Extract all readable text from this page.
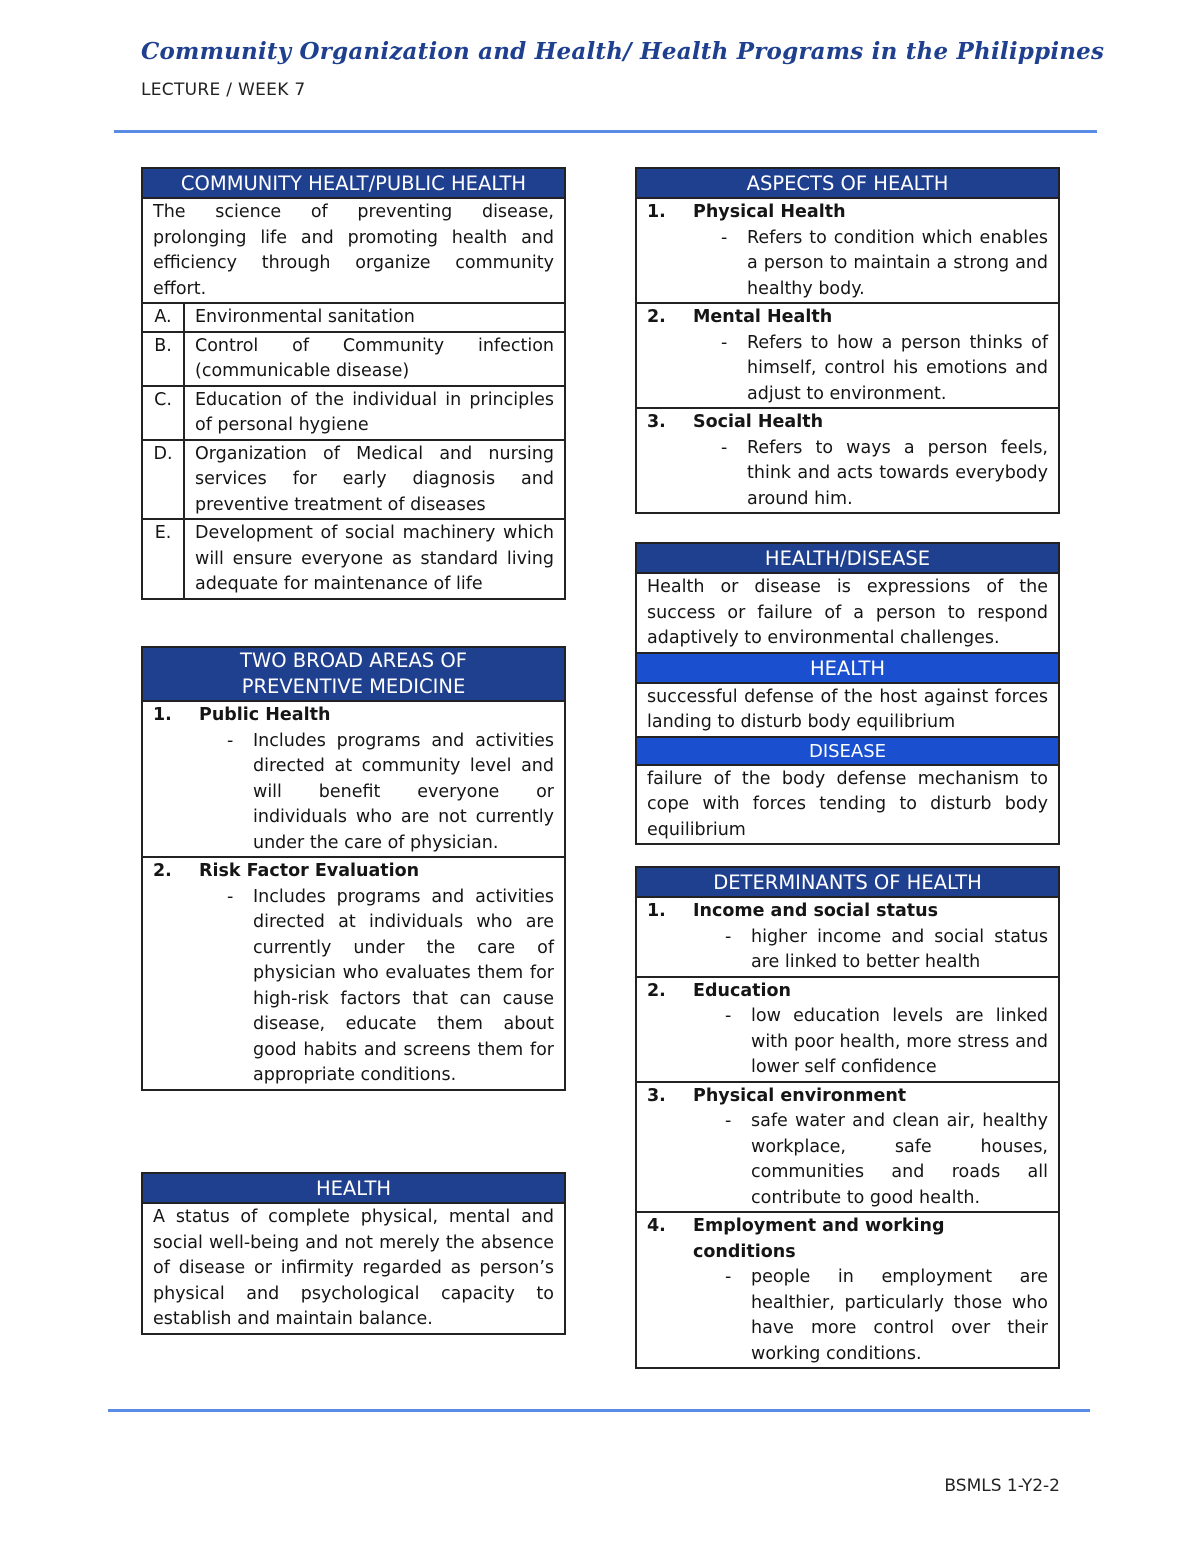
Community Organization and Health/ Health Programs in the Philippines
LECTURE / WEEK 7
COMMUNITY HEALT/PUBLIC HEALTH	
The science of preventing disease, prolonging life and promoting health and efficiency through organize community effort.	
A.	Environmental sanitation
B.	Control of Community infection (communicable disease)
C.	Education of the individual in principles of personal hygiene
D.	Organization of Medical and nursing services for early diagnosis and preventive treatment of diseases
E.	Development of social machinery which will ensure everyone as standard living adequate for maintenance of life
TWO BROAD AREAS OF PREVENTIVE MEDICINE

1.	Public Health
-	Includes programs and activities directed at community level and will benefit everyone or individuals who are not currently under the care of physician.

2.	Risk Factor Evaluation
-	Includes programs and activities directed at individuals who are currently under the care of physician who evaluates them for high-risk factors that can cause disease, educate them about good habits and screens them for appropriate conditions.
HEALTH
A status of complete physical, mental and social well-being and not merely the absence of disease or infirmity regarded as person’s physical and psychological capacity to establish and maintain balance.
ASPECTS OF HEALTH

1.	Physical Health
-	Refers to condition which enables a person to maintain a strong and healthy body.

2.	Mental Health
-	Refers to how a person thinks of himself, control his emotions and adjust to environment.

3.	Social Health
-	Refers to ways a person feels, think and acts towards everybody around him.
HEALTH/DISEASE
Health or disease is expressions of the success or failure of a person to respond adaptively to environmental challenges.
HEALTH
successful defense of the host against forces landing to disturb body equilibrium
DISEASE
failure of the body defense mechanism to cope with forces tending to disturb body equilibrium
DETERMINANTS OF HEALTH

1.	Income and social status
-	higher income and social status are linked to better health

2.	Education
-	low education levels are linked with poor health, more stress and lower self confidence

3.	Physical environment
-	safe water and clean air, healthy workplace, safe houses, communities and roads all contribute to good health.

4.	Employment and working conditions
-	people in employment are healthier, particularly those who have more control over their working conditions.
BSMLS 1-Y2-2
